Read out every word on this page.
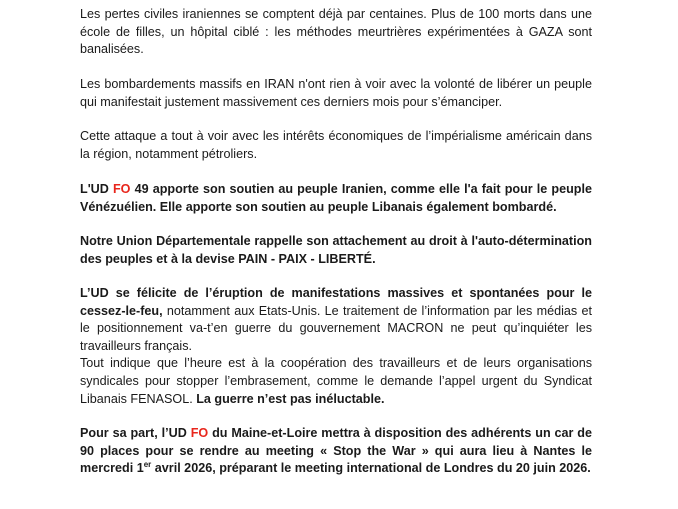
Les pertes civiles iraniennes se comptent déjà par centaines. Plus de 100 morts dans une école de filles, un hôpital ciblé : les méthodes meurtrières expérimentées à GAZA sont banalisées.

Les bombardements massifs en IRAN n'ont rien à voir avec la volonté de libérer un peuple qui manifestait justement massivement ces derniers mois pour s’émanciper.

Cette attaque a tout à voir avec les intérêts économiques de l’impérialisme américain dans la région, notamment pétroliers.

L'UD FO 49 apporte son soutien au peuple Iranien, comme elle l'a fait pour le peuple Vénézuélien. Elle apporte son soutien au peuple Libanais également bombardé.

Notre Union Départementale rappelle son attachement au droit à l'auto-détermination des peuples et à la devise PAIN - PAIX - LIBERTÉ.

L’UD se félicite de l’éruption de manifestations massives et spontanées pour le cessez-le-feu, notamment aux Etats-Unis. Le traitement de l’information par les médias et le positionnement va-t’en guerre du gouvernement MACRON ne peut qu’inquiéter les travailleurs français.
Tout indique que l’heure est à la coopération des travailleurs et de leurs organisations syndicales pour stopper l’embrasement, comme le demande l’appel urgent du Syndicat Libanais FENASOL. La guerre n’est pas inéluctable.

Pour sa part, l’UD FO du Maine-et-Loire mettra à disposition des adhérents un car de 90 places pour se rendre au meeting « Stop the War » qui aura lieu à Nantes le mercredi 1er avril 2026, préparant le meeting international de Londres du 20 juin 2026.
